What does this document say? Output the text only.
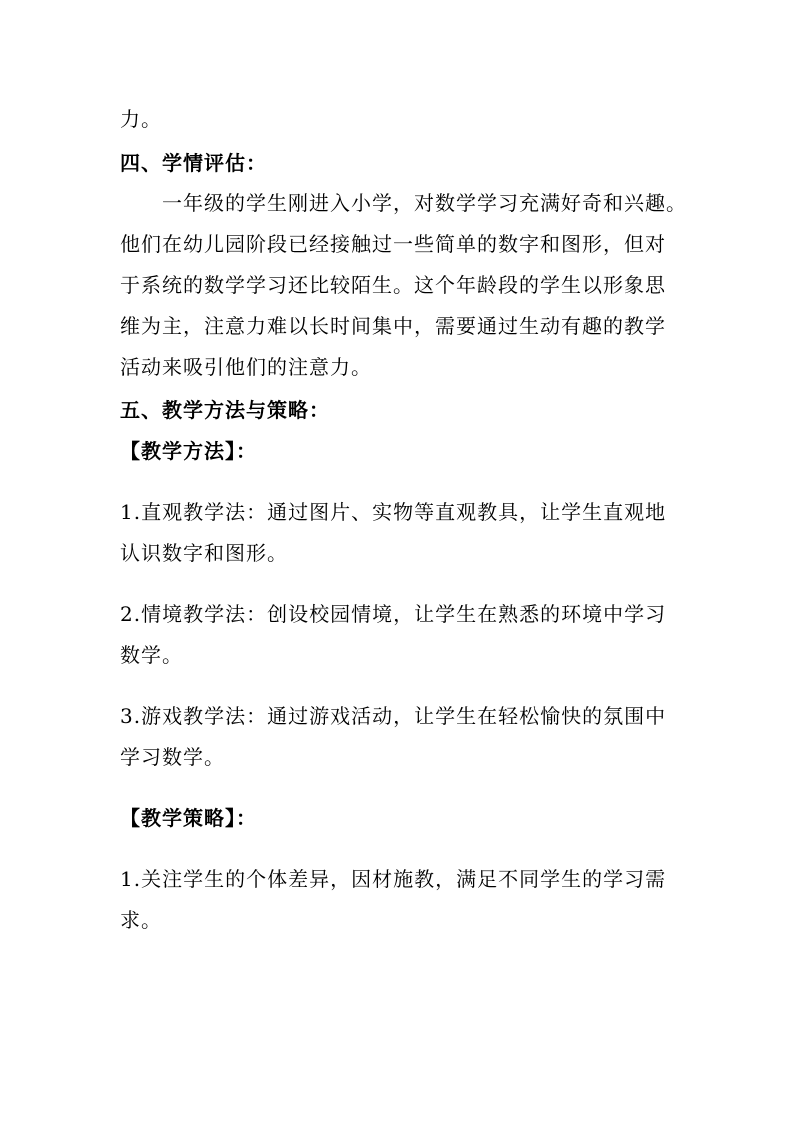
力。
四、学情评估：
一年级的学生刚进入小学，对数学学习充满好奇和兴趣。
他们在幼儿园阶段已经接触过一些简单的数字和图形，但对
于系统的数学学习还比较陌生。这个年龄段的学生以形象思
维为主，注意力难以长时间集中，需要通过生动有趣的教学
活动来吸引他们的注意力。
五、教学方法与策略：
【教学方法】：
1.直观教学法：通过图片、实物等直观教具，让学生直观地
认识数字和图形。
2.情境教学法：创设校园情境，让学生在熟悉的环境中学习
数学。
3.游戏教学法：通过游戏活动，让学生在轻松愉快的氛围中
学习数学。
【教学策略】：
1.关注学生的个体差异，因材施教，满足不同学生的学习需
求。
